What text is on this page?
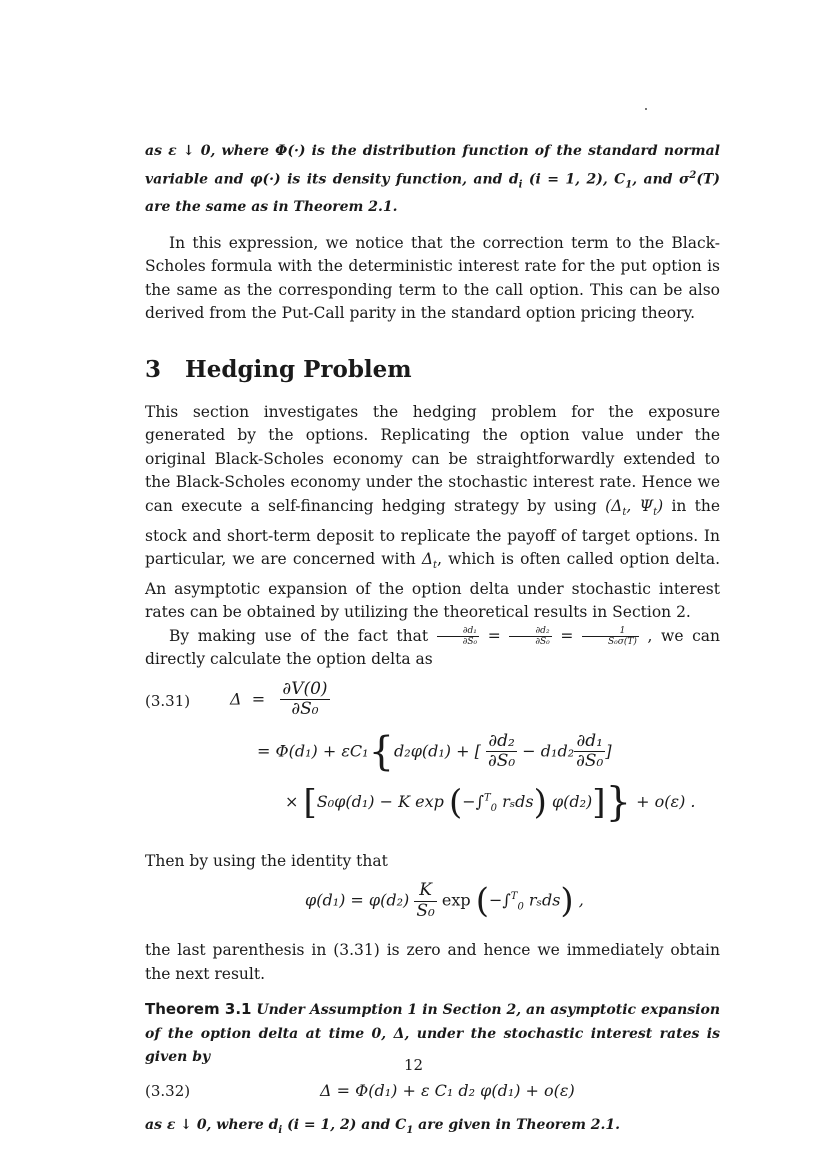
as ε ↓ 0, where Φ(·) is the distribution function of the standard normal variable and φ(·) is its density function, and $d_i$ (i = 1, 2), $C_1$, and $\sigma^2(T)$ are the same as in Theorem 2.1.

In this expression, we notice that the correction term to the Black-Scholes formula with the deterministic interest rate for the put option is the same as the corresponding term to the call option. This can be also derived from the Put-Call parity in the standard option pricing theory.

3 Hedging Problem

This section investigates the hedging problem for the exposure generated by the options. Replicating the option value under the original Black-Scholes economy can be straightforwardly extended to the Black-Scholes economy under the stochastic interest rate. Hence we can execute a self-financing hedging strategy by using ($\Delta_t$, $\Psi_t$) in the stock and short-term deposit to replicate the payoff of target options. In particular, we are concerned with $\Delta_t$, which is often called option delta. An asymptotic expansion of the option delta under stochastic interest rates can be obtained by utilizing the theoretical results in Section 2.

By making use of the fact that $\frac{\text{∂d₁}}{\text{∂S₀}} = \frac{\text{∂d₂}}{\text{∂S₀}} = \frac{1}{\text{S₀σ(T)}}$ , we can directly calculate the option delta as

(3.31) $\Delta = \frac{\partial V(0)}{\text{∂S₀}}$
= Φ(d₁) + εC₁{d₂φ(d₁) + [ $\frac{\text{∂d₂}}{\text{∂S₀}} - d_1d_2 \frac{\text{∂d₁}}{\text{∂S₀}}$ ]
× [S₀φ(d₁) − K exp (−∫$^T_0$ rₛds) φ(d₂)]} + o(ε) .

Then by using the identity that

$\varphi(d_1) = \varphi(d_2) \frac{K}{\text{S₀}}$ exp (−∫$^T_0$ rₛds) ,

the last parenthesis in (3.31) is zero and hence we immediately obtain the next result.

Theorem 3.1 Under Assumption 1 in Section 2, an asymptotic expansion of the option delta at time 0, Δ, under the stochastic interest rates is given by

(3.32)	Δ = Φ(d₁) + ε C₁ d₂ φ(d₁) + o(ε)

as ε ↓ 0, where $d_i$ (i = 1, 2) and $C_1$ are given in Theorem 2.1.

12
